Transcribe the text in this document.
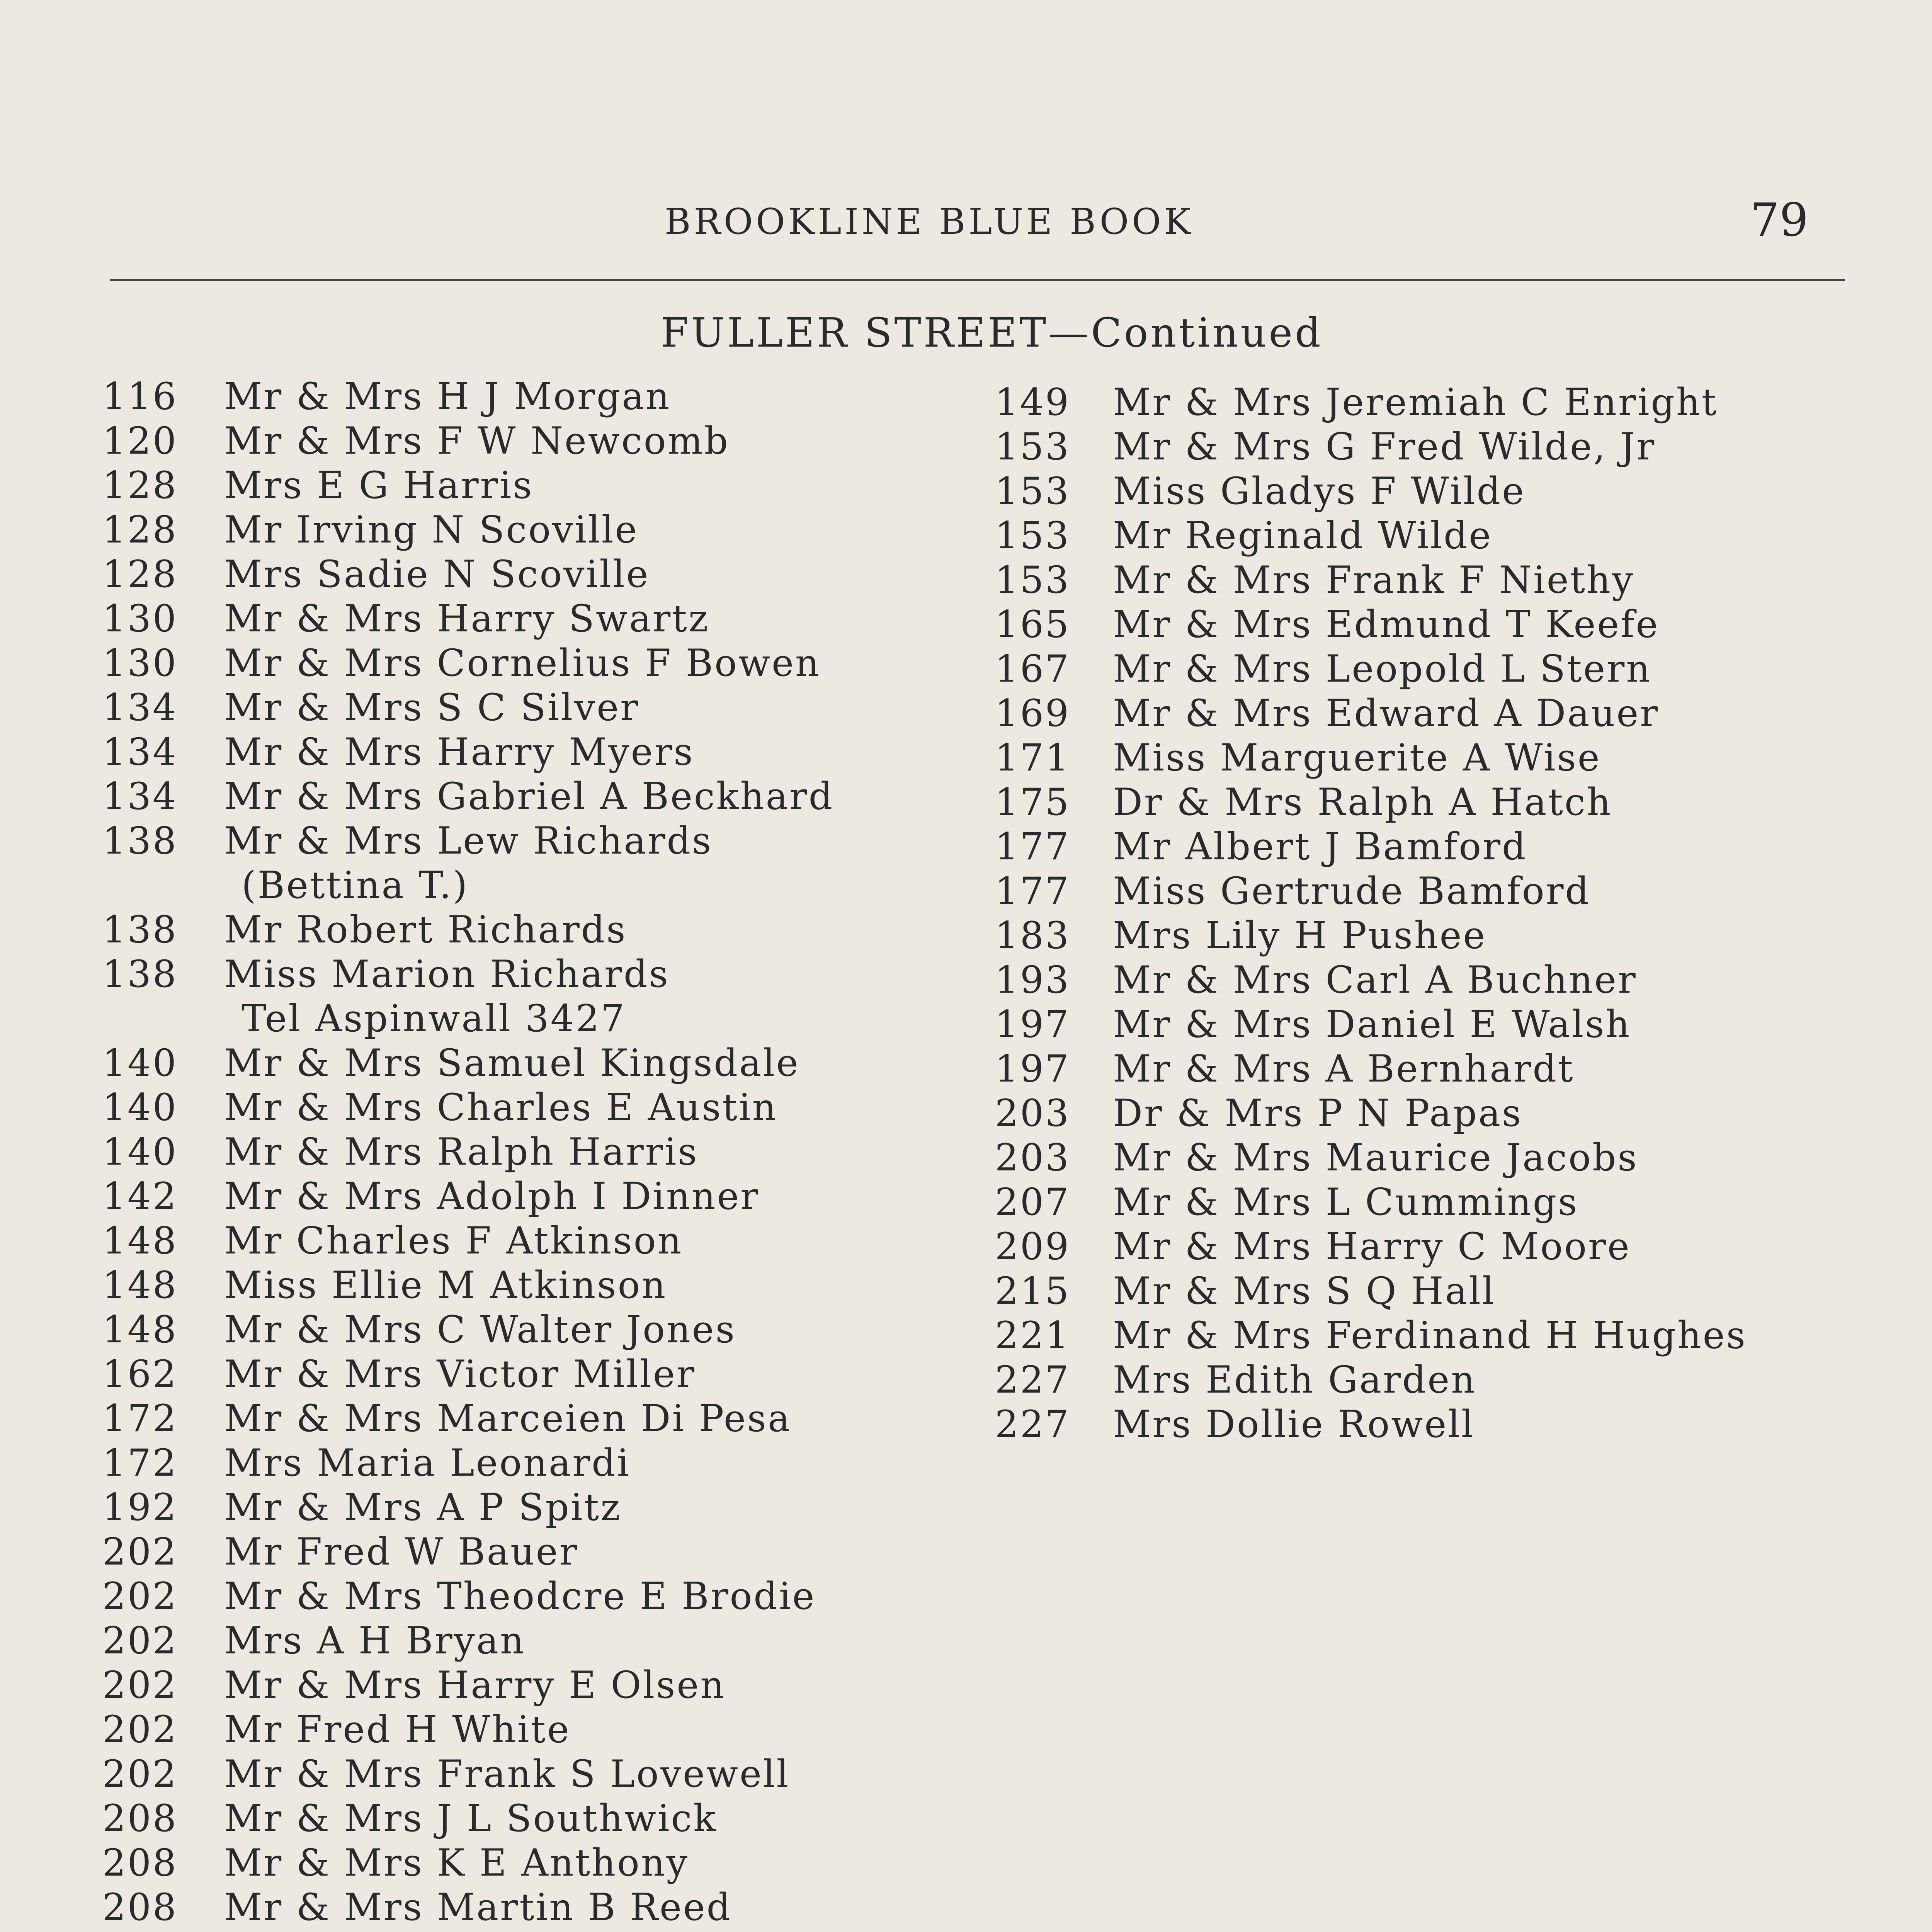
BROOKLINE BLUE BOOK	79
FULLER STREET—Continued
116 Mr & Mrs H J Morgan
120 Mr & Mrs F W Newcomb
128 Mrs E G Harris
128 Mr Irving N Scoville
128 Mrs Sadie N Scoville
130 Mr & Mrs Harry Swartz
130 Mr & Mrs Cornelius F Bowen
134 Mr & Mrs S C Silver
134 Mr & Mrs Harry Myers
134 Mr & Mrs Gabriel A Beckhard
138 Mr & Mrs Lew Richards
(Bettina T.)
138 Mr Robert Richards
138 Miss Marion Richards
Tel Aspinwall 3427
140 Mr & Mrs Samuel Kingsdale
140 Mr & Mrs Charles E Austin
140 Mr & Mrs Ralph Harris
142 Mr & Mrs Adolph I Dinner
148 Mr Charles F Atkinson
148 Miss Ellie M Atkinson
148 Mr & Mrs C Walter Jones
162 Mr & Mrs Victor Miller
172 Mr & Mrs Marceien Di Pesa
172 Mrs Maria Leonardi
192 Mr & Mrs A P Spitz
202 Mr Fred W Bauer
202 Mr & Mrs Theodcre E Brodie
202 Mrs A H Bryan
202 Mr & Mrs Harry E Olsen
202 Mr Fred H White
202 Mr & Mrs Frank S Lovewell
208 Mr & Mrs J L Southwick
208 Mr & Mrs K E Anthony
208 Mr & Mrs Martin B Reed
149 Mr & Mrs Jeremiah C Enright
153 Mr & Mrs G Fred Wilde, Jr
153 Miss Gladys F Wilde
153 Mr Reginald Wilde
153 Mr & Mrs Frank F Niethy
165 Mr & Mrs Edmund T Keefe
167 Mr & Mrs Leopold L Stern
169 Mr & Mrs Edward A Dauer
171 Miss Marguerite A Wise
175 Dr & Mrs Ralph A Hatch
177 Mr Albert J Bamford
177 Miss Gertrude Bamford
183 Mrs Lily H Pushee
193 Mr & Mrs Carl A Buchner
197 Mr & Mrs Daniel E Walsh
197 Mr & Mrs A Bernhardt
203 Dr & Mrs P N Papas
203 Mr & Mrs Maurice Jacobs
207 Mr & Mrs L Cummings
209 Mr & Mrs Harry C Moore
215 Mr & Mrs S Q Hall
221 Mr & Mrs Ferdinand H Hughes
227 Mrs Edith Garden
227 Mrs Dollie Rowell
